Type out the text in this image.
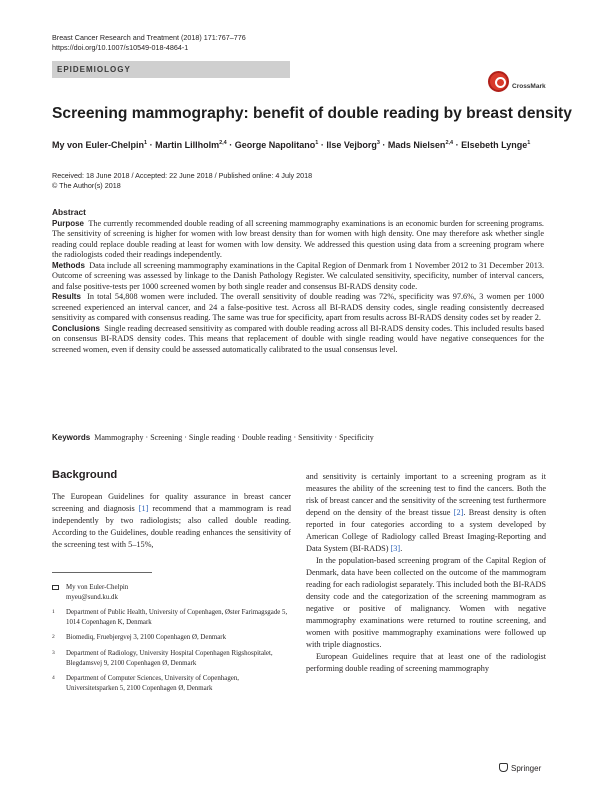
Breast Cancer Research and Treatment (2018) 171:767–776
https://doi.org/10.1007/s10549-018-4864-1
EPIDEMIOLOGY
CrossMark
Screening mammography: benefit of double reading by breast density
My von Euler-Chelpin$^1$ · Martin Lillholm$^{2,4}$ · George Napolitano$^1$ · Ilse Vejborg$^3$ · Mads Nielsen$^{2,4}$ · Elsebeth Lynge$^1$
Received: 18 June 2018 / Accepted: 22 June 2018 / Published online: 4 July 2018
© The Author(s) 2018
Abstract

Purpose The currently recommended double reading of all screening mammography examinations is an economic burden for screening programs. The sensitivity of screening is higher for women with low breast density than for women with high density. One may therefore ask whether single reading could replace double reading at least for women with low density. We addressed this question using data from a screening program where the radiologists coded their readings independently.

Methods Data include all screening mammography examinations in the Capital Region of Denmark from 1 November 2012 to 31 December 2013. Outcome of screening was assessed by linkage to the Danish Pathology Register. We calculated sensitivity, specificity, number of interval cancers, and false positive-tests per 1000 screened women by both single reader and consensus BI-RADS density code.

Results In total 54,808 women were included. The overall sensitivity of double reading was 72%, specificity was 97.6%, 3 women per 1000 screened experienced an interval cancer, and 24 a false-positive test. Across all BI-RADS density codes, single reading consistently decreased sensitivity as compared with consensus reading. The same was true for specificity, apart from results across BI-RADS density codes set by reader 2.

Conclusions Single reading decreased sensitivity as compared with double reading across all BI-RADS density codes. This included results based on consensus BI-RADS density codes. This means that replacement of double with single reading would have negative consequences for the screened women, even if density could be assessed automatically calibrated to the usual consensus level.

Keywords Mammography · Screening · Single reading · Double reading · Sensitivity · Specificity
Background

The European Guidelines for quality assurance in breast cancer screening and diagnosis [1] recommend that a mammogram is read independently by two radiologists; also called double reading. According to the Guidelines, double reading enhances the sensitivity of the screening test with 5–15%,

My von Euler-Chelpin
myeu@sund.ku.dk
1 Department of Public Health, University of Copenhagen, Øster Farimagsgade 5, 1014 Copenhagen K, Denmark
2 Biomediq, Fruebjergvej 3, 2100 Copenhagen Ø, Denmark
3 Department of Radiology, University Hospital Copenhagen Rigshospitalet, Blegdamsvej 9, 2100 Copenhagen Ø, Denmark
4 Department of Computer Sciences, University of Copenhagen, Universitetsparken 5, 2100 Copenhagen Ø, Denmark

and sensitivity is certainly important to a screening program as it measures the ability of the screening test to find the cancers. Both the risk of breast cancer and the sensitivity of the screening test furthermore depend on the density of the breast tissue [2]. Breast density is often reported in four categories according to a system developed by American College of Radiology called Breast Imaging-Reporting and Data System (BI-RADS) [3].

In the population-based screening program of the Capital Region of Denmark, data have been collected on the outcome of the mammogram reading for each radiologist separately. This included both the BI-RADS density code and the categorization of the screening mammogram as negative or positive of malignancy. Women with negative mammography examinations were returned to routine screening, and women with positive mammography examinations were followed up with triple diagnostics.

European Guidelines require that at least one of the radiologist performing double reading of screening mammography

Springer
